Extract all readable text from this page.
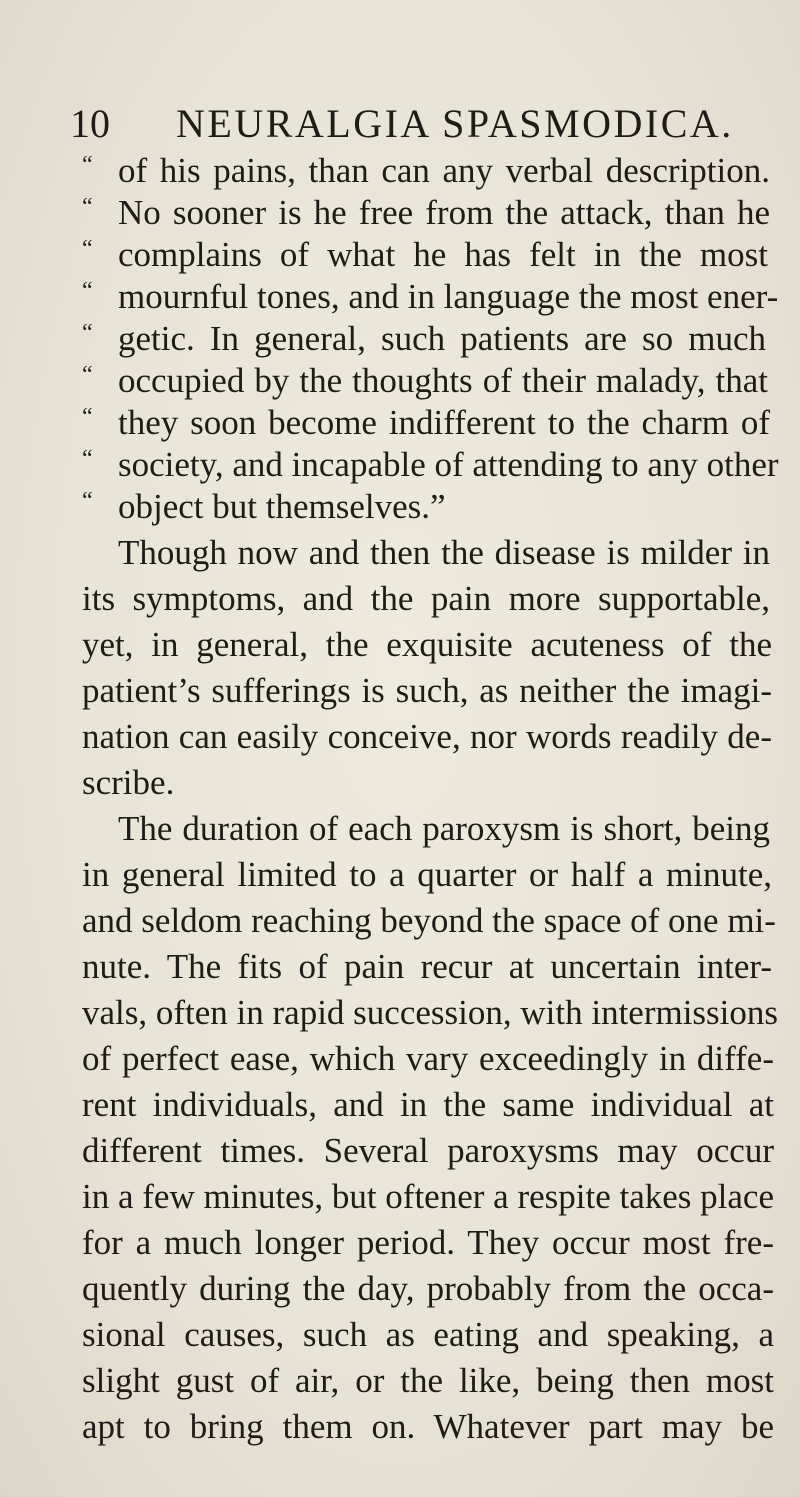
10 NEURALGIA SPASMODICA.
“ of his pains, than can any verbal description.
“ No sooner is he free from the attack, than he
“ complains of what he has felt in the most
“ mournful tones, and in language the most ener-
“ getic. In general, such patients are so much
“ occupied by the thoughts of their malady, that
“ they soon become indifferent to the charm of
“ society, and incapable of attending to any other
“ object but themselves.”
Though now and then the disease is milder in
its symptoms, and the pain more supportable,
yet, in general, the exquisite acuteness of the
patient’s sufferings is such, as neither the imagi-
nation can easily conceive, nor words readily de-
scribe.
The duration of each paroxysm is short, being
in general limited to a quarter or half a minute,
and seldom reaching beyond the space of one mi-
nute. The fits of pain recur at uncertain inter-
vals, often in rapid succession, with intermissions
of perfect ease, which vary exceedingly in diffe-
rent individuals, and in the same individual at
different times. Several paroxysms may occur
in a few minutes, but oftener a respite takes place
for a much longer period. They occur most fre-
quently during the day, probably from the occa-
sional causes, such as eating and speaking, a
slight gust of air, or the like, being then most
apt to bring them on. Whatever part may be
